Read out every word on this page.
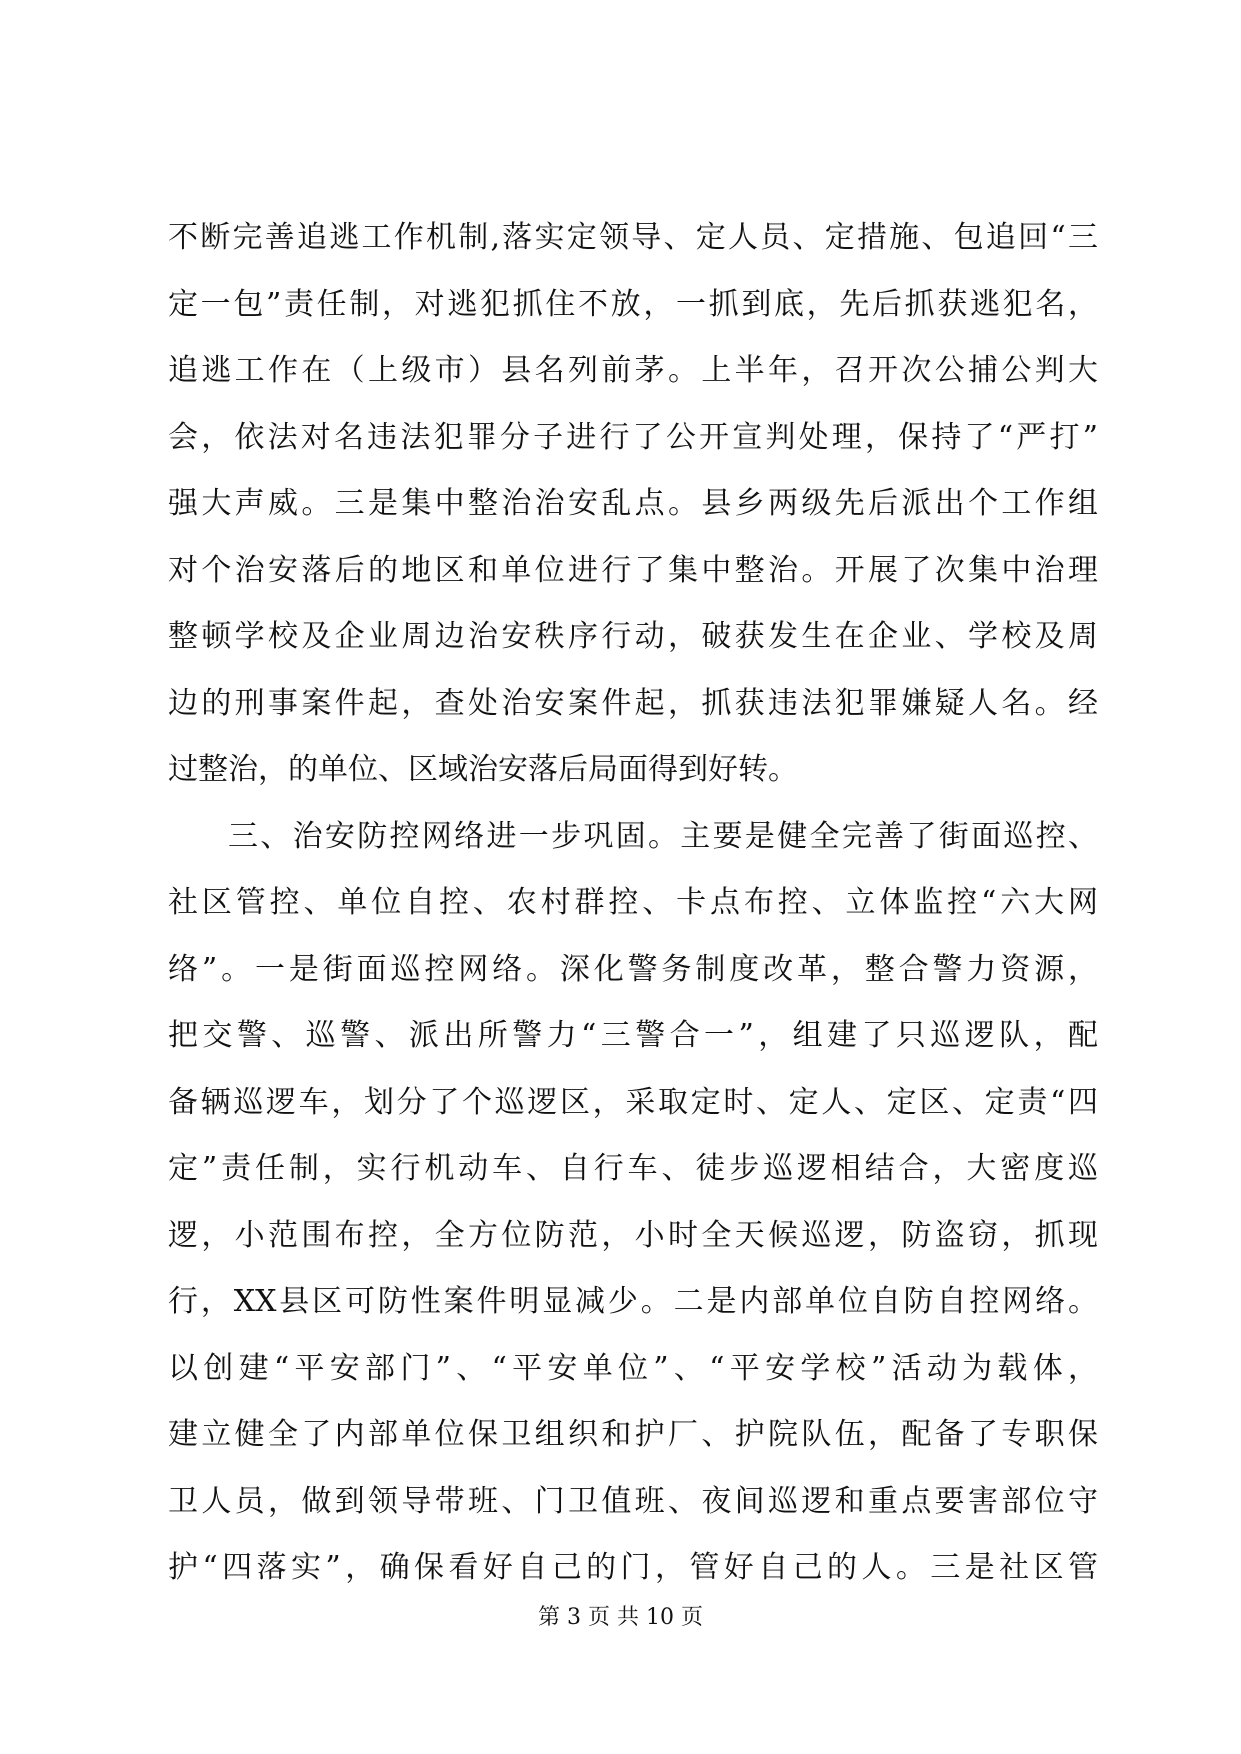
不断完善追逃工作机制,落实定领导、定人员、定措施、包追回“三
定一包”责任制，对逃犯抓住不放，一抓到底，先后抓获逃犯名，
追逃工作在（上级市）县名列前茅。上半年，召开次公捕公判大
会，依法对名违法犯罪分子进行了公开宣判处理，保持了“严打”
强大声威。三是集中整治治安乱点。县乡两级先后派出个工作组
对个治安落后的地区和单位进行了集中整治。开展了次集中治理
整顿学校及企业周边治安秩序行动，破获发生在企业、学校及周
边的刑事案件起，查处治安案件起，抓获违法犯罪嫌疑人名。经
过整治，的单位、区域治安落后局面得到好转。
三、治安防控网络进一步巩固。主要是健全完善了街面巡控、
社区管控、单位自控、农村群控、卡点布控、立体监控“六大网
络”。一是街面巡控网络。深化警务制度改革，整合警力资源，
把交警、巡警、派出所警力“三警合一”，组建了只巡逻队，配
备辆巡逻车，划分了个巡逻区，采取定时、定人、定区、定责“四
定”责任制，实行机动车、自行车、徒步巡逻相结合，大密度巡
逻，小范围布控，全方位防范，小时全天候巡逻，防盗窃，抓现
行，XX县区可防性案件明显减少。二是内部单位自防自控网络。
以创建“平安部门”、“平安单位”、“平安学校”活动为载体，
建立健全了内部单位保卫组织和护厂、护院队伍，配备了专职保
卫人员，做到领导带班、门卫值班、夜间巡逻和重点要害部位守
护“四落实”，确保看好自己的门，管好自己的人。三是社区管
第 3 页 共 10 页
